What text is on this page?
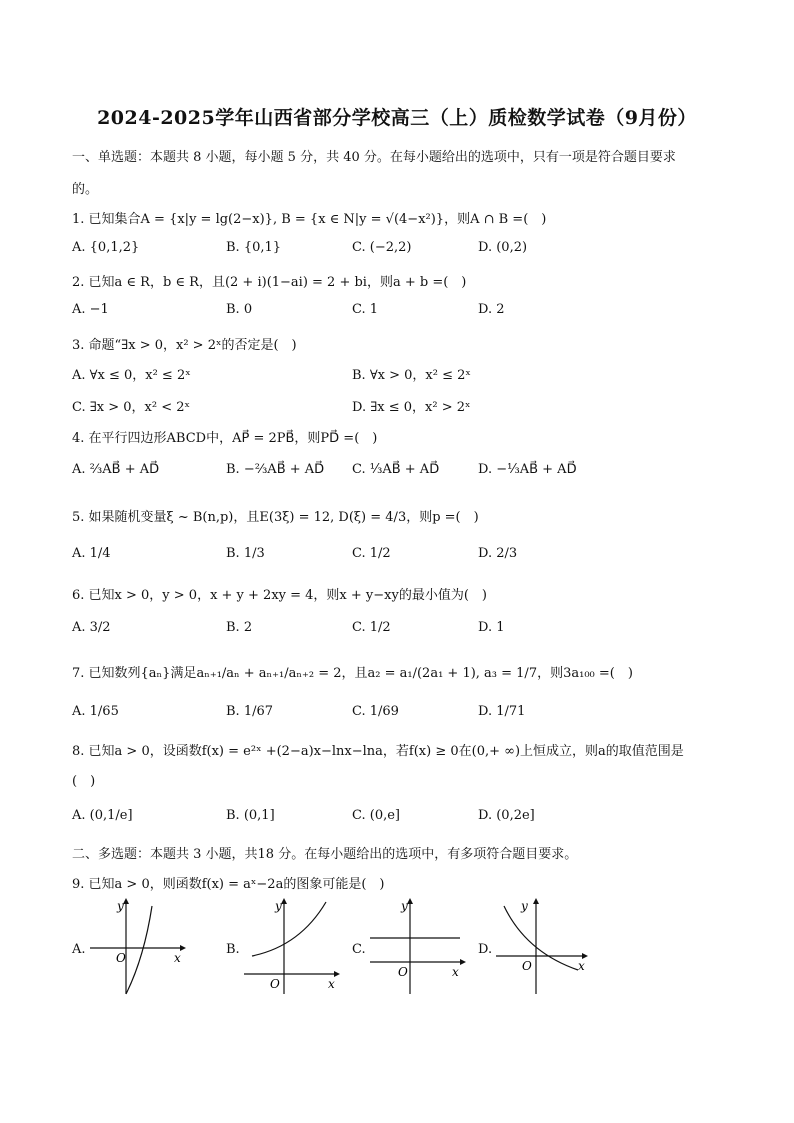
2024-2025学年山西省部分学校高三（上）质检数学试卷（9月份）
一、单选题：本题共 8 小题，每小题 5 分，共 40 分。在每小题给出的选项中，只有一项是符合题目要求
的。
1. 已知集合A = {x|y = lg(2−x)}, B = {x ∈ N|y = √(4−x²)}，则A ∩ B =(　)
A. {0,1,2}	B. {0,1}	C. (−2,2)	D. (0,2)
2. 已知a ∈ R，b ∈ R，且(2 + i)(1−ai) = 2 + bi，则a + b =(　)
A. −1	B. 0	C. 1	D. 2
3. 命题“∃x > 0，x² > 2ˣ的否定是(　)
A. ∀x ≤ 0，x² ≤ 2ˣ	B. ∀x > 0，x² ≤ 2ˣ
C. ∃x > 0，x² < 2ˣ	D. ∃x ≤ 0，x² > 2ˣ
4. 在平行四边形ABCD中，AP⃗ = 2PB⃗，则PD⃗ =(　)
A. ⅔AB⃗ + AD⃗	B. −⅔AB⃗ + AD⃗ C. ⅓AB⃗ + AD⃗	D. −⅓AB⃗ + AD⃗
5. 如果随机变量ξ ~ B(n,p)，且E(3ξ) = 12, D(ξ) = 4/3，则p =(　)
A. 1/4	B. 1/3	C. 1/2	D. 2/3
6. 已知x > 0，y > 0，x + y + 2xy = 4，则x + y−xy的最小值为(　)
A. 3/2	B. 2	C. 1/2	D. 1
7. 已知数列{aₙ}满足aₙ₊₁/aₙ + aₙ₊₁/aₙ₊₂ = 2，且a₂ = a₁/(2a₁ + 1), a₃ = 1/7，则3a₁₀₀ =(　)
A. 1/65	B. 1/67	C. 1/69	D. 1/71
8. 已知a > 0，设函数f(x) = e²ˣ +(2−a)x−lnx−lna，若f(x) ≥ 0在(0,+ ∞)上恒成立，则a的取值范围是
(　)
A. (0,1/e]	B. (0,1]	C. (0,e]	D. (0,2e]
二、多选题：本题共 3 小题，共18 分。在每小题给出的选项中，有多项符合题目要求。
9. 已知a > 0，则函数f(x) = aˣ−2a的图象可能是(　)
A.
y
x
O
B.
y
x
O
C.
y
x
O
D.
y
x
O
